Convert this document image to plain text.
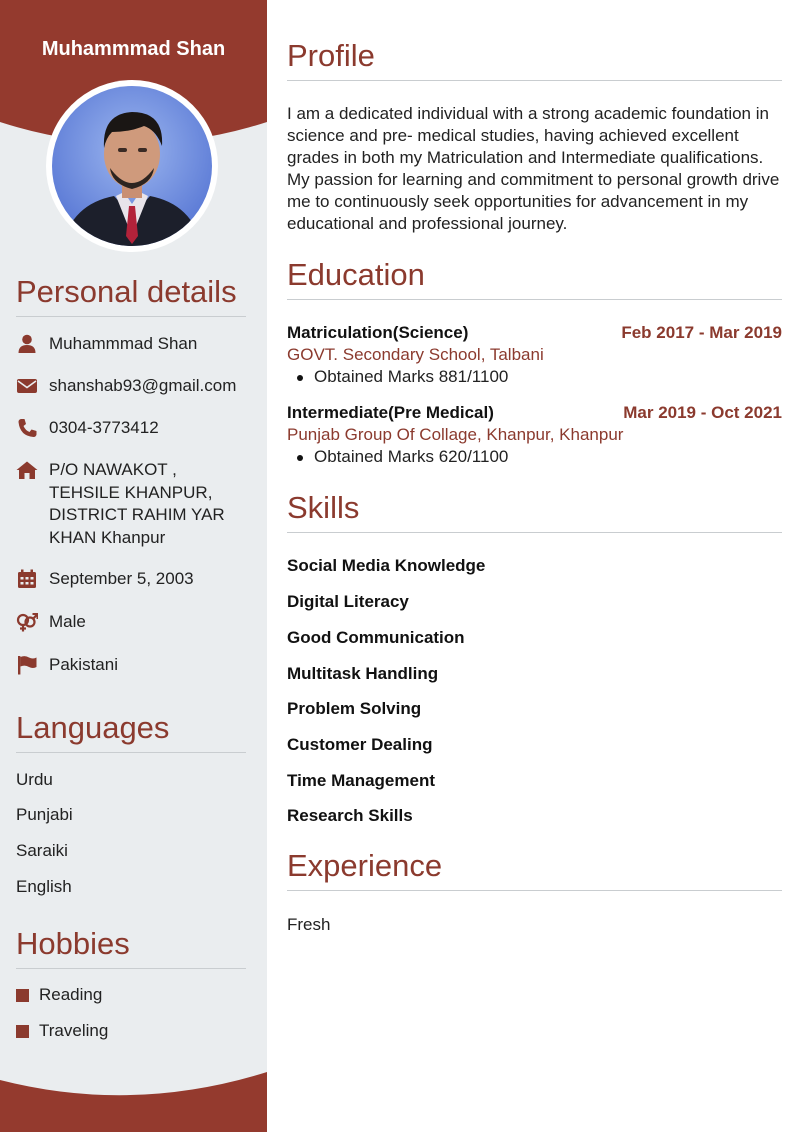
Muhammmad Shan
Personal details
Muhammmad Shan
shanshab93@gmail.com
0304-3773412
P/O NAWAKOT , TEHSILE KHANPUR, DISTRICT RAHIM YAR KHAN Khanpur
September 5, 2003
Male
Pakistani
Languages
Urdu
Punjabi
Saraiki
English
Hobbies
Reading
Traveling
Profile
I am a dedicated individual with a strong academic foundation in science and pre- medical studies, having achieved excellent grades in both my Matriculation and Intermediate qualifications. My passion for learning and commitment to personal growth drive me to continuously seek opportunities for advancement in my educational and professional journey.
Education
Matriculation(Science)	Feb 2017 - Mar 2019
GOVT. Secondary School, Talbani
Obtained Marks 881/1100
Intermediate(Pre Medical)	Mar 2019 - Oct 2021
Punjab Group Of Collage, Khanpur, Khanpur
Obtained Marks 620/1100
Skills
Social Media Knowledge
Digital Literacy
Good Communication
Multitask Handling
Problem Solving
Customer Dealing
Time Management
Research Skills
Experience
Fresh
